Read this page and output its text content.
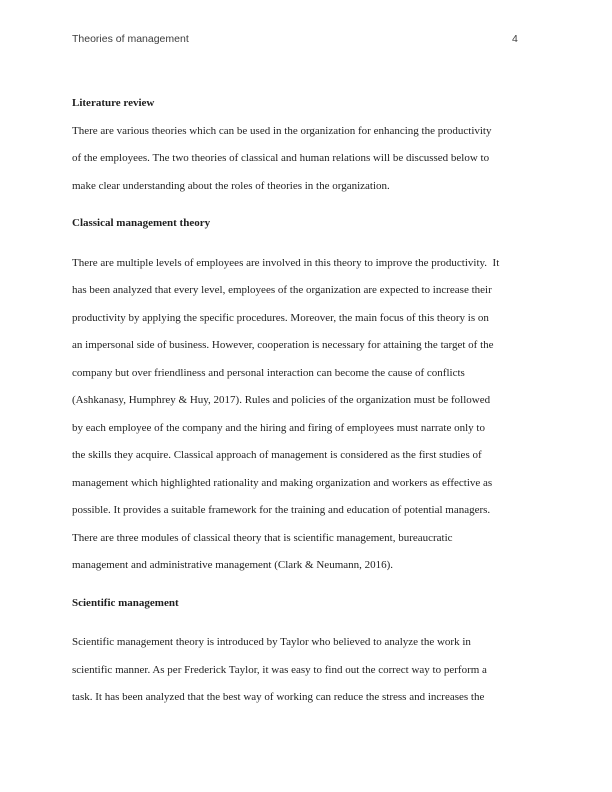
Theories of management	4
Literature review
There are various theories which can be used in the organization for enhancing the productivity
of the employees. The two theories of classical and human relations will be discussed below to
make clear understanding about the roles of theories in the organization.
Classical management theory
There are multiple levels of employees are involved in this theory to improve the productivity.  It
has been analyzed that every level, employees of the organization are expected to increase their
productivity by applying the specific procedures. Moreover, the main focus of this theory is on
an impersonal side of business. However, cooperation is necessary for attaining the target of the
company but over friendliness and personal interaction can become the cause of conflicts
(Ashkanasy, Humphrey & Huy, 2017). Rules and policies of the organization must be followed
by each employee of the company and the hiring and firing of employees must narrate only to
the skills they acquire. Classical approach of management is considered as the first studies of
management which highlighted rationality and making organization and workers as effective as
possible. It provides a suitable framework for the training and education of potential managers.
There are three modules of classical theory that is scientific management, bureaucratic
management and administrative management (Clark & Neumann, 2016).
Scientific management
Scientific management theory is introduced by Taylor who believed to analyze the work in
scientific manner. As per Frederick Taylor, it was easy to find out the correct way to perform a
task. It has been analyzed that the best way of working can reduce the stress and increases the
